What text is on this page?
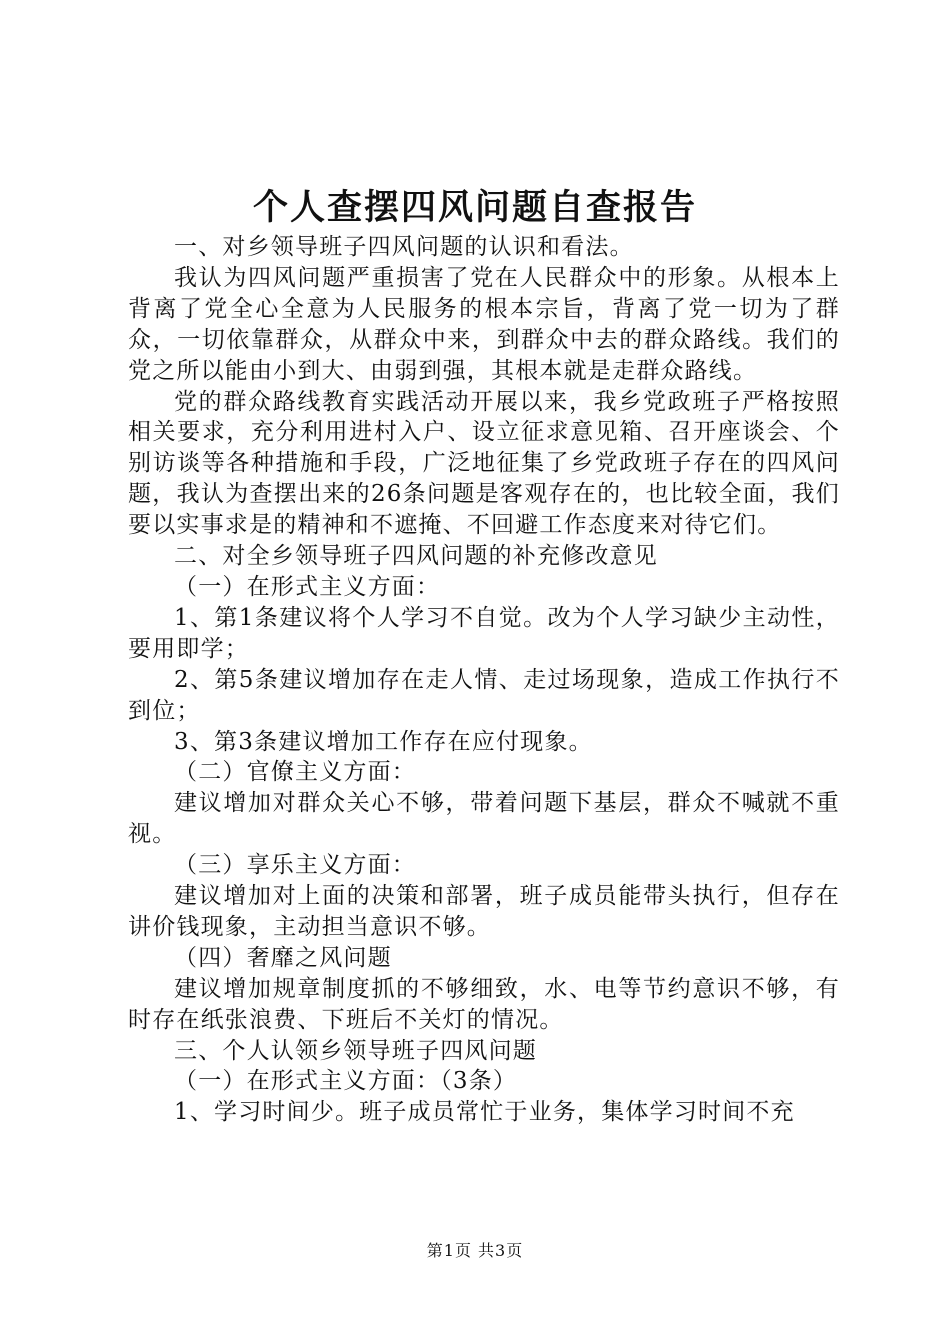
个人查摆四风问题自查报告

一、对乡领导班子四风问题的认识和看法。

我认为四风问题严重损害了党在人民群众中的形象。从根本上背离了党全心全意为人民服务的根本宗旨，背离了党一切为了群众，一切依靠群众，从群众中来，到群众中去的群众路线。我们的党之所以能由小到大、由弱到强，其根本就是走群众路线。

党的群众路线教育实践活动开展以来，我乡党政班子严格按照相关要求，充分利用进村入户、设立征求意见箱、召开座谈会、个别访谈等各种措施和手段，广泛地征集了乡党政班子存在的四风问题，我认为查摆出来的26条问题是客观存在的，也比较全面，我们要以实事求是的精神和不遮掩、不回避工作态度来对待它们。

二、对全乡领导班子四风问题的补充修改意见

（一）在形式主义方面：

1、第1条建议将个人学习不自觉。改为个人学习缺少主动性，要用即学；

2、第5条建议增加存在走人情、走过场现象，造成工作执行不到位；

3、第3条建议增加工作存在应付现象。

（二）官僚主义方面：

建议增加对群众关心不够，带着问题下基层，群众不喊就不重视。

（三）享乐主义方面：

建议增加对上面的决策和部署，班子成员能带头执行，但存在讲价钱现象，主动担当意识不够。

（四）奢靡之风问题

建议增加规章制度抓的不够细致，水、电等节约意识不够，有时存在纸张浪费、下班后不关灯的情况。

三、个人认领乡领导班子四风问题

（一）在形式主义方面：（3条）

1、学习时间少。班子成员常忙于业务，集体学习时间不充

第1页 共3页
